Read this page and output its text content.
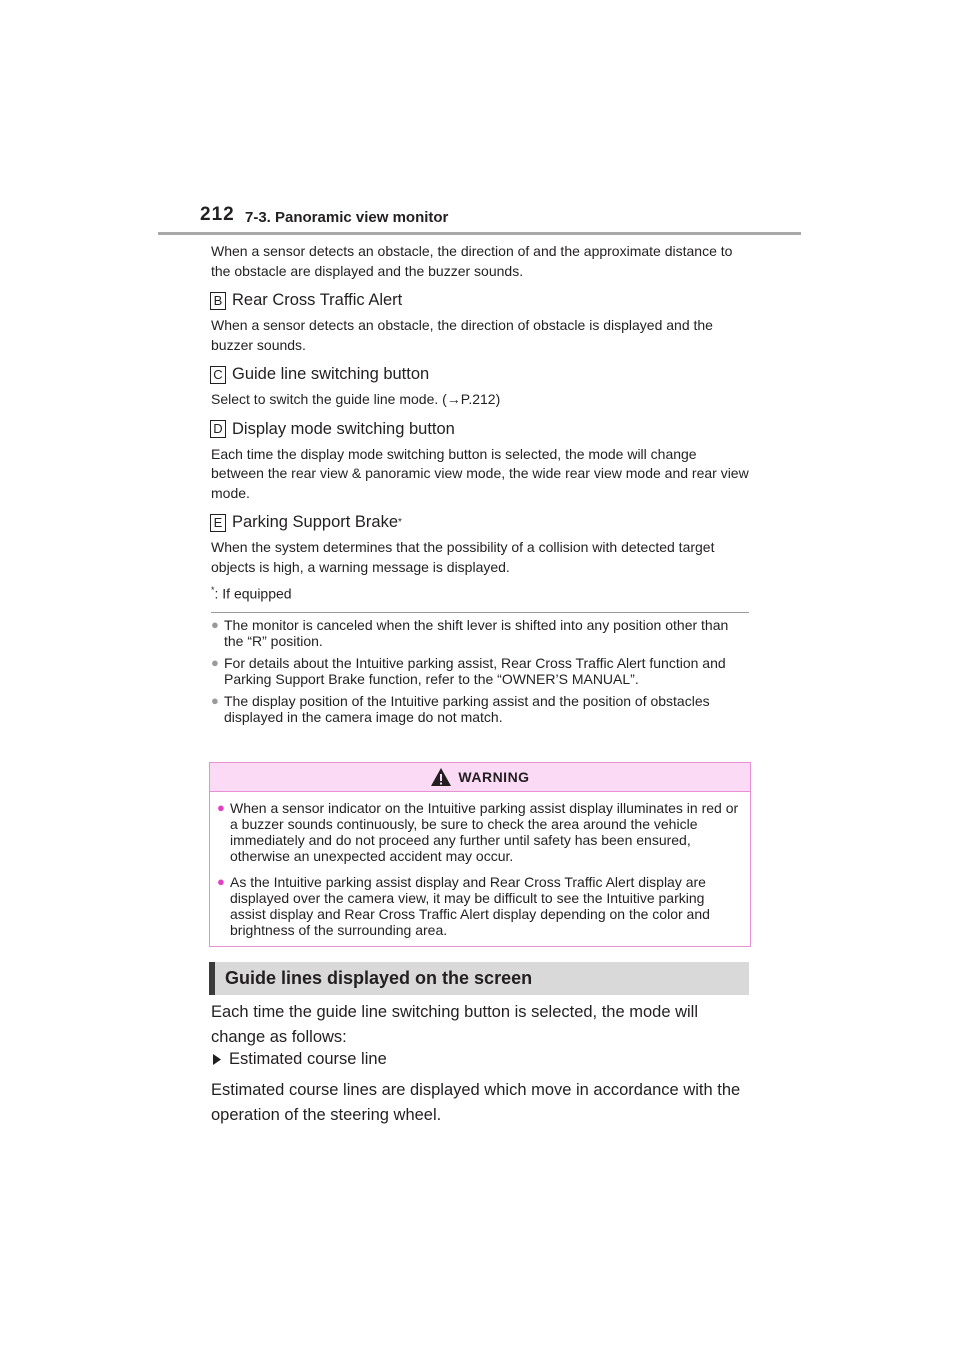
212 7-3. Panoramic view monitor

When a sensor detects an obstacle, the direction of and the approximate distance to the obstacle are displayed and the buzzer sounds.

B Rear Cross Traffic Alert

When a sensor detects an obstacle, the direction of obstacle is displayed and the buzzer sounds.

C Guide line switching button

Select to switch the guide line mode. (→P.212)

D Display mode switching button

Each time the display mode switching button is selected, the mode will change between the rear view & panoramic view mode, the wide rear view mode and rear view mode.

E Parking Support Brake *

When the system determines that the possibility of a collision with detected target objects is high, a warning message is displayed.

*: If equipped

● The monitor is canceled when the shift lever is shifted into any position other than the “R” position.
● For details about the Intuitive parking assist, Rear Cross Traffic Alert function and Parking Support Brake function, refer to the “OWNER’S MANUAL”.
● The display position of the Intuitive parking assist and the position of obstacles displayed in the camera image do not match.
WARNING
● When a sensor indicator on the Intuitive parking assist display illuminates in red or a buzzer sounds continuously, be sure to check the area around the vehicle immediately and do not proceed any further until safety has been ensured, otherwise an unexpected accident may occur.
● As the Intuitive parking assist display and Rear Cross Traffic Alert display are displayed over the camera view, it may be difficult to see the Intuitive parking assist display and Rear Cross Traffic Alert display depending on the color and brightness of the surrounding area.
Guide lines displayed on the screen

Each time the guide line switching button is selected, the mode will change as follows:

Estimated course line

Estimated course lines are displayed which move in accordance with the operation of the steering wheel.
